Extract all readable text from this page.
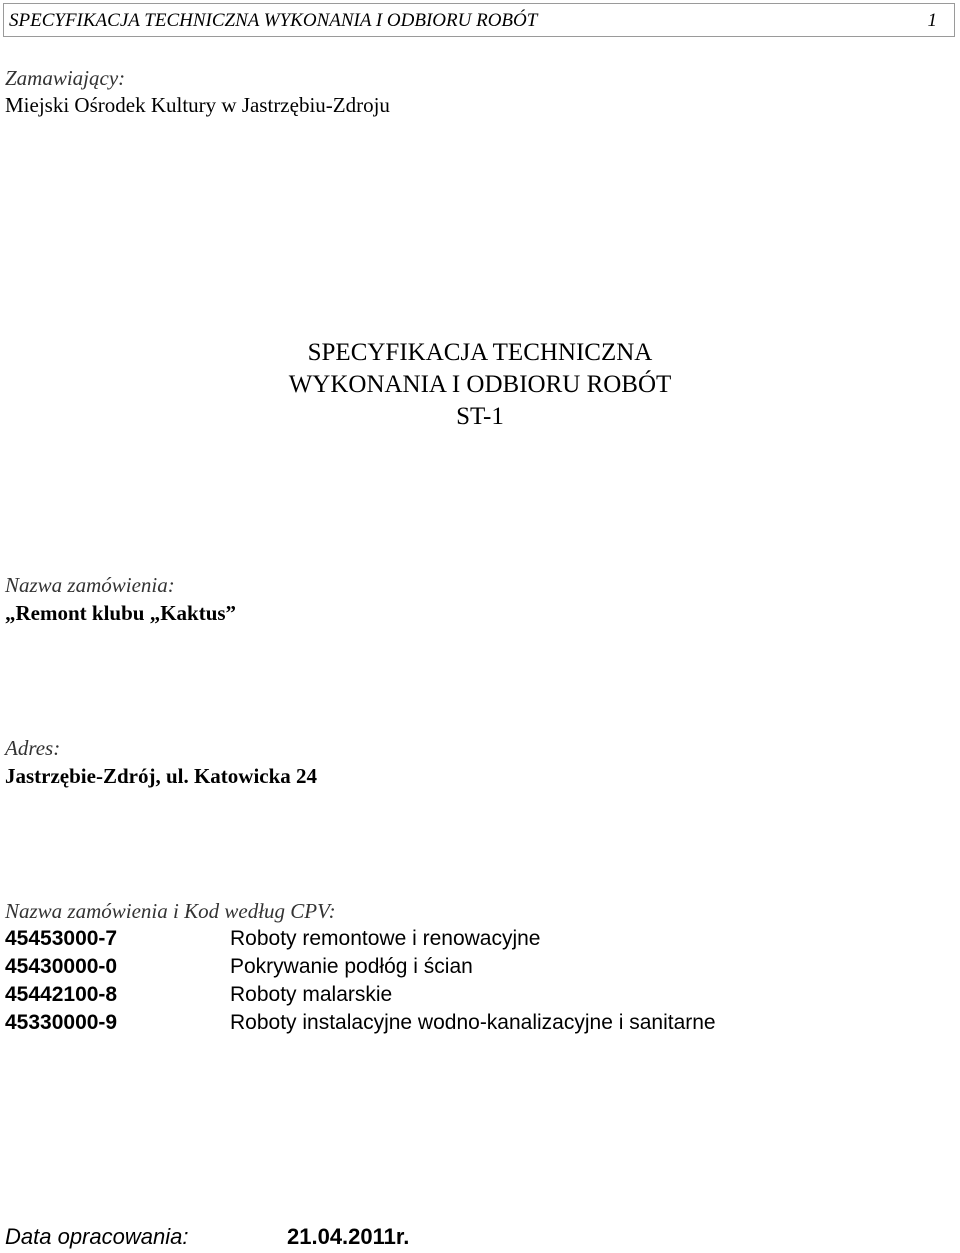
SPECYFIKACJA TECHNICZNA WYKONANIA I ODBIORU ROBÓT	1
Zamawiający:
Miejski Ośrodek Kultury w Jastrzębiu-Zdroju
SPECYFIKACJA TECHNICZNA
WYKONANIA I ODBIORU ROBÓT
ST-1
Nazwa zamówienia:
„Remont klubu „Kaktus”
Adres:
Jastrzębie-Zdrój, ul. Katowicka 24
Nazwa zamówienia i Kod według CPV:
45453000-7	Roboty remontowe i renowacyjne
45430000-0	Pokrywanie podłóg i ścian
45442100-8	Roboty malarskie
45330000-9	Roboty instalacyjne wodno-kanalizacyjne i sanitarne
Data opracowania:	21.04.2011r.
